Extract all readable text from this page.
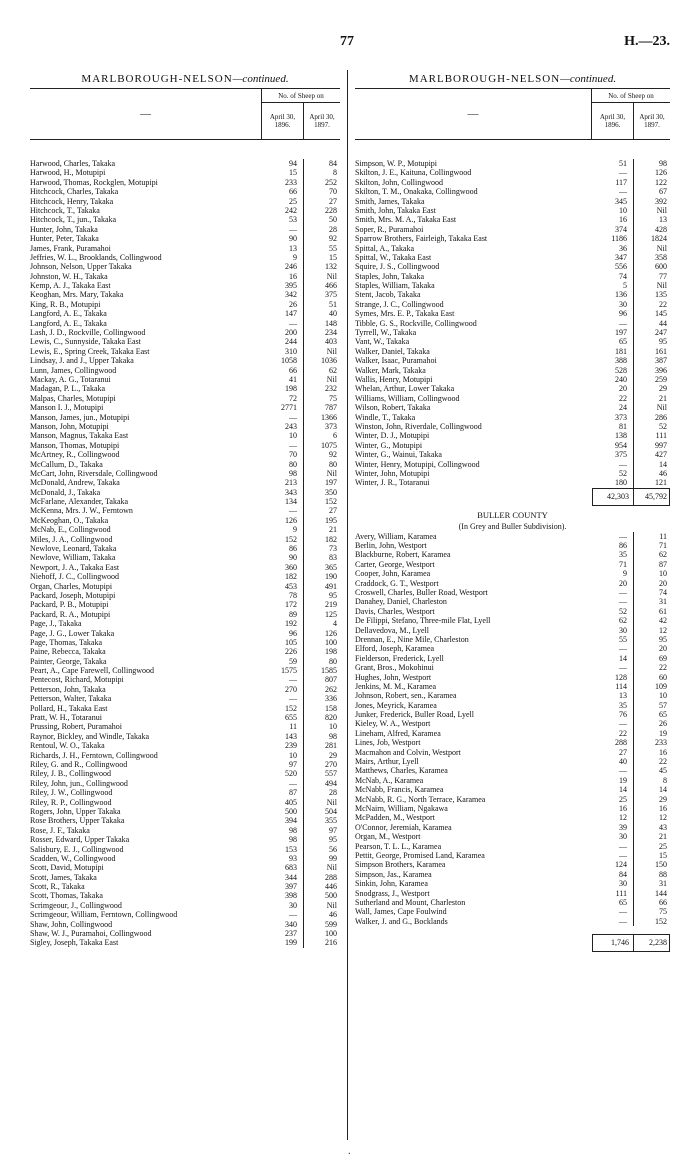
77	H.—23.
MARLBOROUGH-NELSON—continued.
—
No. of Sheep on
April 30, 1896.
April 30, 1897.
Harwood, Charles, Takaka	94	84
Harwood, H., Motupipi	15	8
Harwood, Thomas, Rockglen, Motupipi	233	252
Hitchcock, Charles, Takaka	66	70
Hitchcock, Henry, Takaka	25	27
Hitchcock, T., Takaka	242	228
Hitchcock, T., jun., Takaka	53	50
Hunter, John, Takaka	—	28
Hunter, Peter, Takaka	90	92
James, Frank, Puramahoi	13	55
Jeffries, W. L., Brooklands, Collingwood	9	15
Johnson, Nelson, Upper Takaka	246	132
Johnston, W. H., Takaka	16	Nil
Kemp, A. J., Takaka East	395	466
Keoghan, Mrs. Mary, Takaka	342	375
King, R. B., Motupipi	26	51
Langford, A. E., Takaka	147	40
Langford, A. E., Takaka	—	148
Lash, J. D., Rockville, Collingwood	200	234
Lewis, C., Sunnyside, Takaka East	244	403
Lewis, E., Spring Creek, Takaka East	310	Nil
Lindsay, J. and J., Upper Takaka	1058	1036
Lunn, James, Collingwood	66	62
Mackay, A. G., Totaranui	41	Nil
Madagan, P. L., Takaka	198	232
Malpas, Charles, Motupipi	72	75
Manson I. J., Motupipi	2771	787
Manson, James, jun., Motupipi	—	1366
Manson, John, Motupipi	243	373
Manson, Magnus, Takaka East	10	6
Manson, Thomas, Motupipi	—	1075
McArtney, R., Collingwood	70	92
McCallum, D., Takaka	80	80
McCart, John, Riversdale, Collingwood	98	Nil
McDonald, Andrew, Takaka	213	197
McDonald, J., Takaka	343	350
McFarlane, Alexander, Takaka	134	152
McKenna, Mrs. J. W., Ferntown	—	27
McKeoghan, O., Takaka	126	195
McNab, E., Collingwood	9	21
Miles, J. A., Collingwood	152	182
Newlove, Leonard, Takaka	86	73
Newlove, William, Takaka	90	83
Newport, J. A., Takaka East	360	365
Niehoff, J. C., Collingwood	182	190
Organ, Charles, Motupipi	453	491
Packard, Joseph, Motupipi	78	95
Packard, P. B., Motupipi	172	219
Packard, R. A., Motupipi	89	125
Page, J., Takaka	192	4
Page, J. G., Lower Takaka	96	126
Page, Thomas, Takaka	105	100
Paine, Rebecca, Takaka	226	198
Painter, George, Takaka	59	80
Peart, A., Cape Farewell, Collingwood	1575	1585
Pentecost, Richard, Motupipi	—	807
Petterson, John, Takaka	270	262
Petterson, Walter, Takaka	—	336
Pollard, H., Takaka East	152	158
Pratt, W. H., Totaranui	655	820
Prussing, Robert, Puramahoi	11	10
Raynor, Bickley, and Windle, Takaka	143	98
Rentoul, W. O., Takaka	239	281
Richards, J. H., Ferntown, Collingwood	10	29
Riley, G. and R., Collingwood	97	270
Riley, J. B., Collingwood	520	557
Riley, John, jun., Collingwood	—	494
Riley, J. W., Collingwood	87	28
Riley, R. P., Collingwood	405	Nil
Rogers, John, Upper Takaka	500	504
Rose Brothers, Upper Takaka	394	355
Rose, J. F., Takaka	98	97
Rosser, Edward, Upper Takaka	98	95
Salisbury, E. J., Collingwood	153	56
Scadden, W., Collingwood	93	99
Scott, David, Motupipi	683	Nil
Scott, James, Takaka	344	288
Scott, R., Takaka	397	446
Scott, Thomas, Takaka	398	500
Scrimgeour, J., Collingwood	30	Nil
Scrimgeour, William, Ferntown, Collingwood	—	46
Shaw, John, Collingwood	340	599
Shaw, W. J., Puramahoi, Collingwood	237	100
Sigley, Joseph, Takaka East	199	216
MARLBOROUGH-NELSON—continued.
—
No. of Sheep on
April 30, 1896.
April 30, 1897.
Simpson, W. P., Motupipi	51	98
Skilton, J. E., Kaituna, Collingwood	—	126
Skilton, John, Collingwood	117	122
Skilton, T. M., Onakaka, Collingwood	—	67
Smith, James, Takaka	345	392
Smith, John, Takaka East	10	Nil
Smith, Mrs. M. A., Takaka East	16	13
Soper, R., Puramahoi	374	428
Sparrow Brothers, Fairleigh, Takaka East	1186	1824
Spittal, A., Takaka	36	Nil
Spittal, W., Takaka East	347	358
Squire, J. S., Collingwood	556	600
Staples, John, Takaka	74	77
Staples, William, Takaka	5	Nil
Stent, Jacob, Takaka	136	135
Strange, J. C., Collingwood	30	22
Symes, Mrs. E. P., Takaka East	96	145
Tibble, G. S., Rockville, Collingwood	—	44
Tyrrell, W., Takaka	197	247
Vant, W., Takaka	65	95
Walker, Daniel, Takaka	181	161
Walker, Isaac, Puramahoi	388	387
Walker, Mark, Takaka	528	396
Wallis, Henry, Motupipi	240	259
Whelan, Arthur, Lower Takaka	20	29
Williams, William, Collingwood	22	21
Wilson, Robert, Takaka	24	Nil
Windle, T., Takaka	373	286
Winston, John, Riverdale, Collingwood	81	52
Winter, D. J., Motupipi	138	111
Winter, G., Motupipi	954	997
Winter, G., Wainui, Takaka	375	427
Winter, Henry, Motupipi, Collingwood	—	14
Winter, John, Motupipi	52	46
Winter, J. R., Totaranui	180	121
42,303	45,792
BULLER COUNTY
(In Grey and Buller Subdivision).
Avery, William, Karamea	—	11
Berlin, John, Westport	86	71
Blackburne, Robert, Karamea	35	62
Carter, George, Westport	71	87
Cooper, John, Karamea	9	10
Craddock, G. T., Westport	20	20
Croswell, Charles, Buller Road, Westport	—	74
Danahey, Daniel, Charleston	—	31
Davis, Charles, Westport	52	61
De Filippi, Stefano, Three-mile Flat, Lyell	62	42
Dellavedova, M., Lyell	30	12
Drennan, E., Nine Mile, Charleston	55	95
Elford, Joseph, Karamea	—	20
Fielderson, Frederick, Lyell	14	69
Grant, Bros., Mokohinui	—	22
Hughes, John, Westport	128	60
Jenkins, M. M., Karamea	114	109
Johnson, Robert, sen., Karamea	13	10
Jones, Meyrick, Karamea	35	57
Junker, Frederick, Buller Road, Lyell	76	65
Kieley, W. A., Westport	—	26
Lineham, Alfred, Karamea	22	19
Lines, Job, Westport	288	233
Macmahon and Colvin, Westport	27	16
Mairs, Arthur, Lyell	40	22
Matthews, Charles, Karamea	—	45
McNab, A., Karamea	19	8
McNabb, Francis, Karamea	14	14
McNabb, R. G., North Terrace, Karamea	25	29
McNairn, William, Ngakawa	16	16
McPadden, M., Westport	12	12
O'Connor, Jeremiah, Karamea	39	43
Organ, M., Westport	30	21
Pearson, T. L. L., Karamea	—	25
Pettit, George, Promised Land, Karamea	—	15
Simpson Brothers, Karamea	124	150
Simpson, Jas., Karamea	84	88
Sinkin, John, Karamea	30	31
Snodgrass, J., Westport	111	144
Sutherland and Mount, Charleston	65	66
Wall, James, Cape Foulwind	—	75
Walker, J. and G., Bocklands	—	152
1,746	2,238
.
